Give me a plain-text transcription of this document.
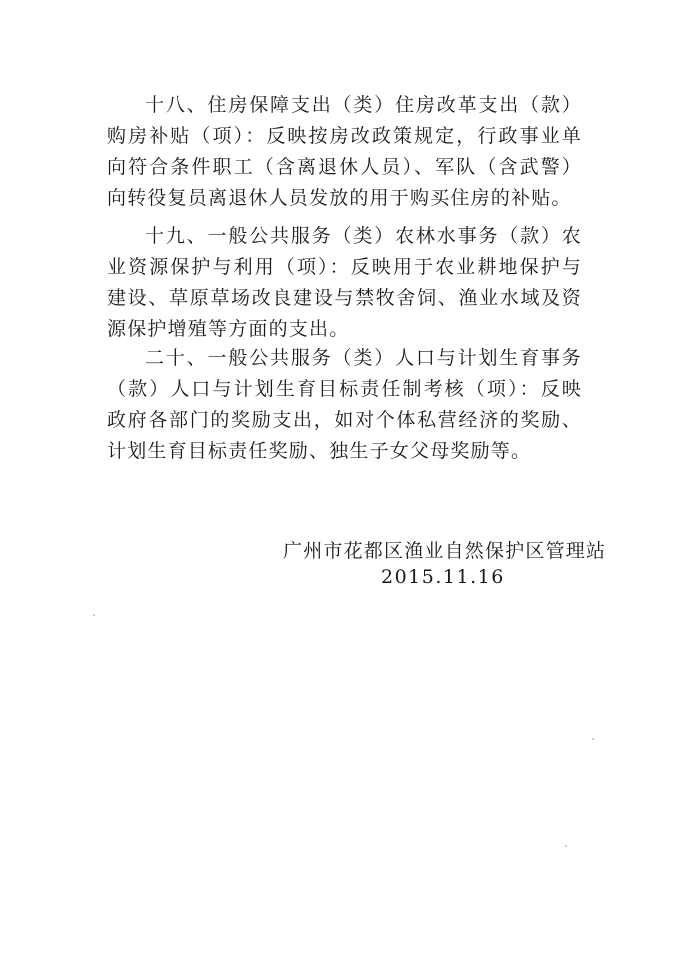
十八、住房保障支出（类）住房改革支出（款）购房补贴（项）：反映按房改政策规定，行政事业单向符合条件职工（含离退休人员）、军队（含武警）向转役复员离退休人员发放的用于购买住房的补贴。

十九、一般公共服务（类）农林水事务（款）农业资源保护与利用（项）：反映用于农业耕地保护与建设、草原草场改良建设与禁牧舍饲、渔业水域及资源保护增殖等方面的支出。

二十、一般公共服务（类）人口与计划生育事务（款）人口与计划生育目标责任制考核（项）：反映政府各部门的奖励支出，如对个体私营经济的奖励、计划生育目标责任奖励、独生子女父母奖励等。

广州市花都区渔业自然保护区管理站
2015.11.16
